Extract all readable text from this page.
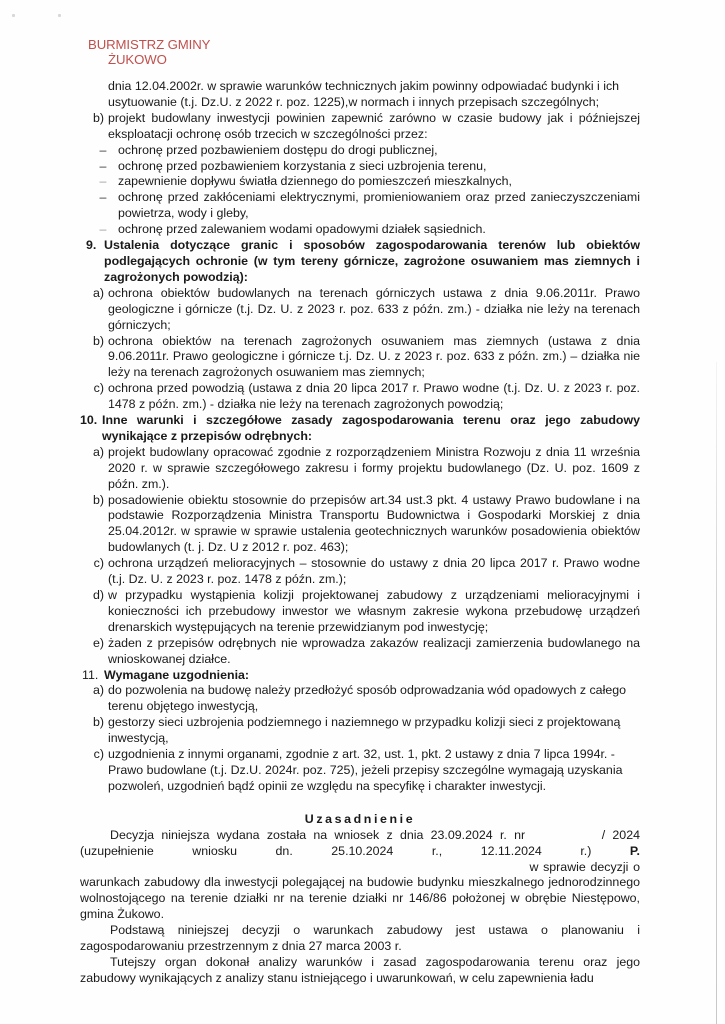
BURMISTRZ GMINY
ŻUKOWO
dnia 12.04.2002r. w sprawie warunków technicznych jakim powinny odpowiadać budynki i ich
usytuowanie (t.j. Dz.U. z 2022 r. poz. 1225),w normach i innych przepisach szczególnych;
b) projekt budowlany inwestycji powinien zapewnić zarówno w czasie budowy jak i późniejszej eksploatacji ochronę osób trzecich w szczególności przez:
– ochronę przed pozbawieniem dostępu do drogi publicznej,
– ochronę przed pozbawieniem korzystania z sieci uzbrojenia terenu,
– zapewnienie dopływu światła dziennego do pomieszczeń mieszkalnych,
– ochronę przed zakłóceniami elektrycznymi, promieniowaniem oraz przed zanieczyszczeniami powietrza, wody i gleby,
– ochronę przed zalewaniem wodami opadowymi działek sąsiednich.
9. Ustalenia dotyczące granic i sposobów zagospodarowania terenów lub obiektów podlegających ochronie (w tym tereny górnicze, zagrożone osuwaniem mas ziemnych i zagrożonych powodzią):
a) ochrona obiektów budowlanych na terenach górniczych ustawa z dnia 9.06.2011r. Prawo geologiczne i górnicze (t.j. Dz. U. z 2023 r. poz. 633 z późn. zm.) - działka nie leży na terenach górniczych;
b) ochrona obiektów na terenach zagrożonych osuwaniem mas ziemnych (ustawa z dnia 9.06.2011r. Prawo geologiczne i górnicze t.j. Dz. U. z 2023 r. poz. 633 z późn. zm.) – działka nie leży na terenach zagrożonych osuwaniem mas ziemnych;
c) ochrona przed powodzią (ustawa z dnia 20 lipca 2017 r. Prawo wodne (t.j. Dz. U. z 2023 r. poz. 1478 z późn. zm.) - działka nie leży na terenach zagrożonych powodzią;
10. Inne warunki i szczegółowe zasady zagospodarowania terenu oraz jego zabudowy wynikające z przepisów odrębnych:
a) projekt budowlany opracować zgodnie z rozporządzeniem Ministra Rozwoju z dnia 11 września 2020 r. w sprawie szczegółowego zakresu i formy projektu budowlanego (Dz. U. poz. 1609 z późn. zm.).
b) posadowienie obiektu stosownie do przepisów art.34 ust.3 pkt. 4 ustawy Prawo budowlane i na podstawie Rozporządzenia Ministra Transportu Budownictwa i Gospodarki Morskiej z dnia 25.04.2012r. w sprawie w sprawie ustalenia geotechnicznych warunków posadowienia obiektów budowlanych (t. j. Dz. U z 2012 r. poz. 463);
c) ochrona urządzeń melioracyjnych – stosownie do ustawy z dnia 20 lipca 2017 r. Prawo wodne (t.j. Dz. U. z 2023 r. poz. 1478 z późn. zm.);
d) w przypadku wystąpienia kolizji projektowanej zabudowy z urządzeniami melioracyjnymi i konieczności ich przebudowy inwestor we własnym zakresie wykona przebudowę urządzeń drenarskich występujących na terenie przewidzianym pod inwestycję;
e) żaden z przepisów odrębnych nie wprowadza zakazów realizacji zamierzenia budowlanego na wnioskowanej działce.
11. Wymagane uzgodnienia:
a) do pozwolenia na budowę należy przedłożyć sposób odprowadzania wód opadowych z całego terenu objętego inwestycją,
b) gestorzy sieci uzbrojenia podziemnego i naziemnego w przypadku kolizji sieci z projektowaną inwestycją,
c) uzgodnienia z innymi organami, zgodnie z art. 32, ust. 1, pkt. 2 ustawy z dnia 7 lipca 1994r. - Prawo budowlane (t.j. Dz.U. 2024r. poz. 725), jeżeli przepisy szczególne wymagają uzyskania pozwoleń, uzgodnień bądź opinii ze względu na specyfikę i charakter inwestycji.
Uzasadnienie
Decyzja niniejsza wydana została na wniosek z dnia 23.09.2024 r. nr	/ 2024 (uzupełnienie wniosku dn. 25.10.2024 r., 12.11.2024 r.)	P.   w sprawie decyzji o warunkach zabudowy dla inwestycji polegającej na budowie budynku mieszkalnego jednorodzinnego wolnostojącego na terenie działki nr na terenie działki nr 146/86 położonej w obrębie Niestępowo, gmina Żukowo.
Podstawą niniejszej decyzji o warunkach zabudowy jest ustawa o planowaniu i zagospodarowaniu przestrzennym z dnia 27 marca 2003 r.
Tutejszy organ dokonał analizy warunków i zasad zagospodarowania terenu oraz jego zabudowy wynikających z analizy stanu istniejącego i uwarunkowań, w celu zapewnienia ładu
